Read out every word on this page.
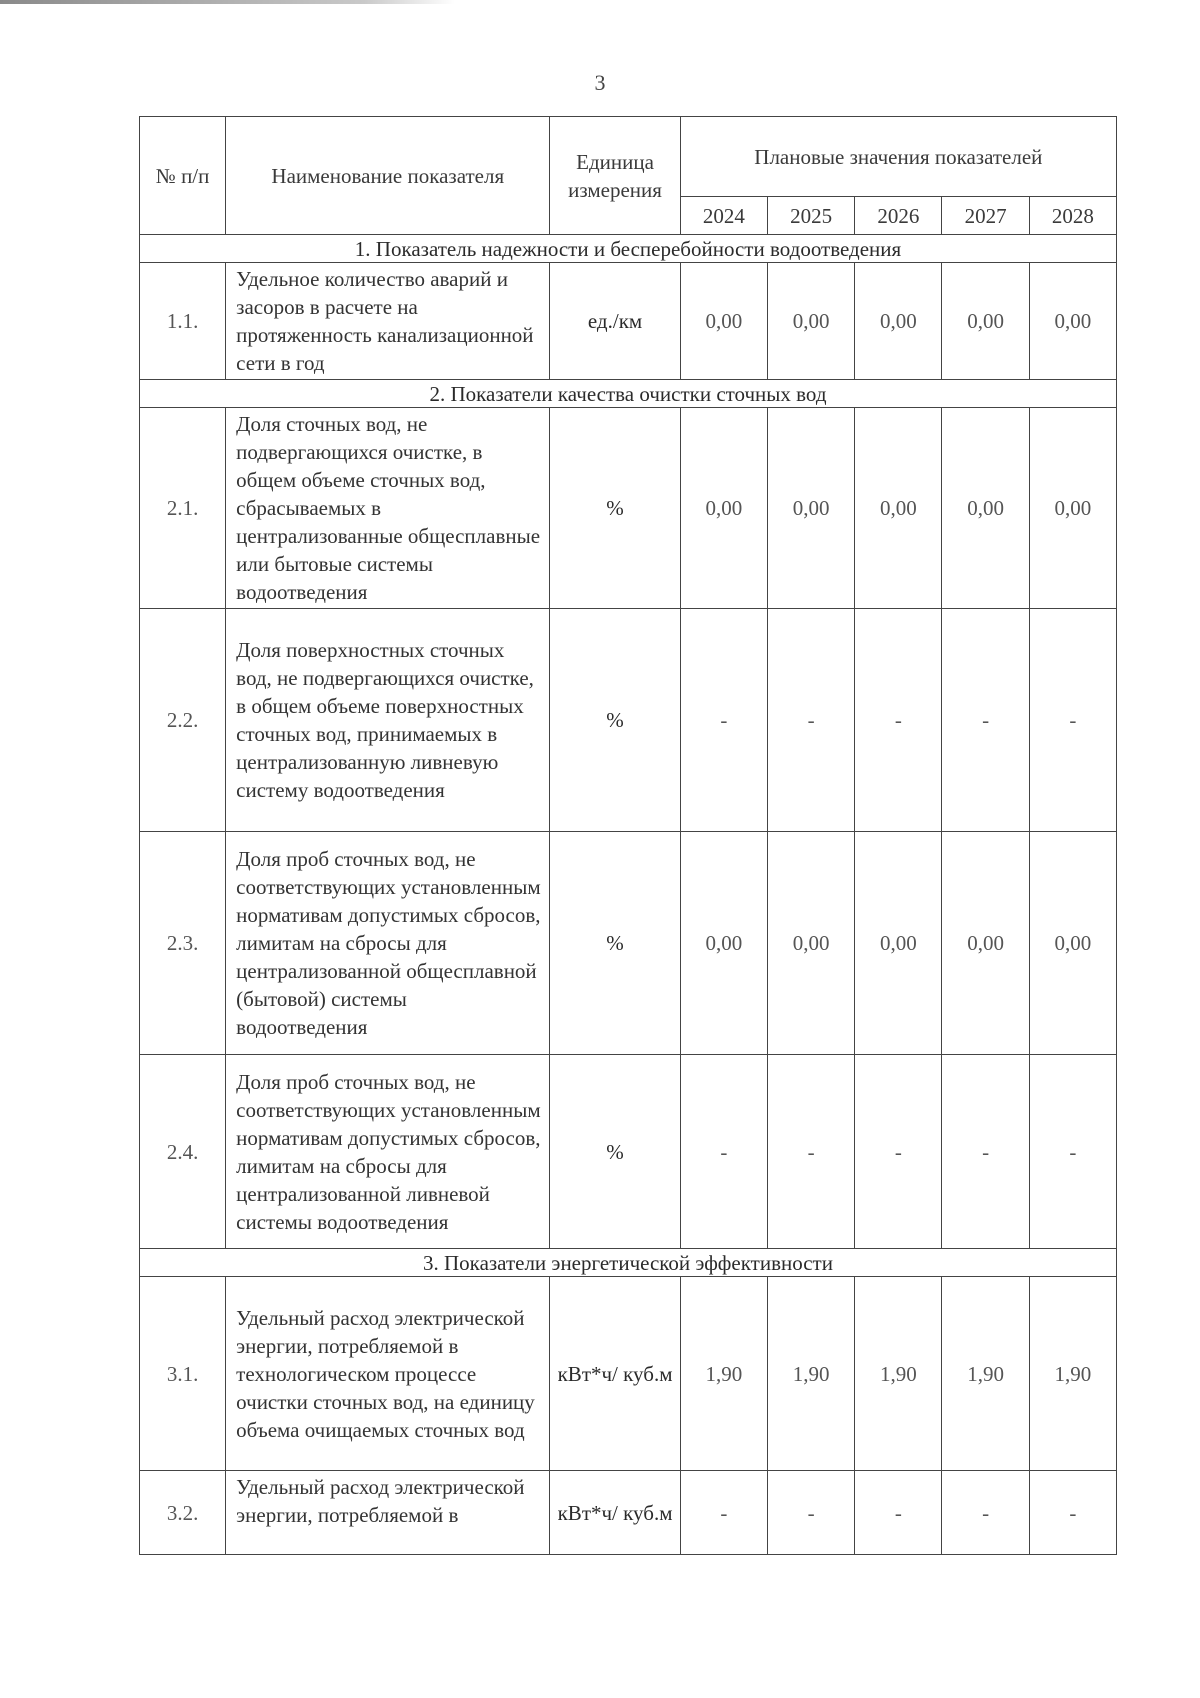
3
№ п/п	Наименование показателя	Единица измерения	Плановые значения показателей				
			2024	2025	2026	2027	2028
1. Показатель надежности и бесперебойности водоотведения							
1.1.	Удельное количество аварий и засоров в расчете на протяженность канализационной сети в год	ед./км	0,00	0,00	0,00	0,00	0,00
2. Показатели качества очистки сточных вод							
2.1.	Доля сточных вод, не подвергающихся очистке, в общем объеме сточных вод, сбрасываемых в централизованные общесплавные или бытовые системы водоотведения	%	0,00	0,00	0,00	0,00	0,00
2.2.	Доля поверхностных сточных вод, не подвергающихся очистке, в общем объеме поверхностных сточных вод, принимаемых в централизованную ливневую систему водоотведения	%	-	-	-	-	-
2.3.	Доля проб сточных вод, не соответствующих установленным нормативам допустимых сбросов, лимитам на сбросы для централизованной общесплавной (бытовой) системы водоотведения	%	0,00	0,00	0,00	0,00	0,00
2.4.	Доля проб сточных вод, не соответствующих установленным нормативам допустимых сбросов, лимитам на сбросы для централизованной ливневой системы водоотведения	%	-	-	-	-	-
3. Показатели энергетической эффективности							
3.1.	Удельный расход электрической энергии, потребляемой в технологическом процессе очистки сточных вод, на единицу объема очищаемых сточных вод	кВт*ч/ куб.м	1,90	1,90	1,90	1,90	1,90
3.2.	Удельный расход электрической энергии, потребляемой в	кВт*ч/ куб.м	-	-	-	-	-
